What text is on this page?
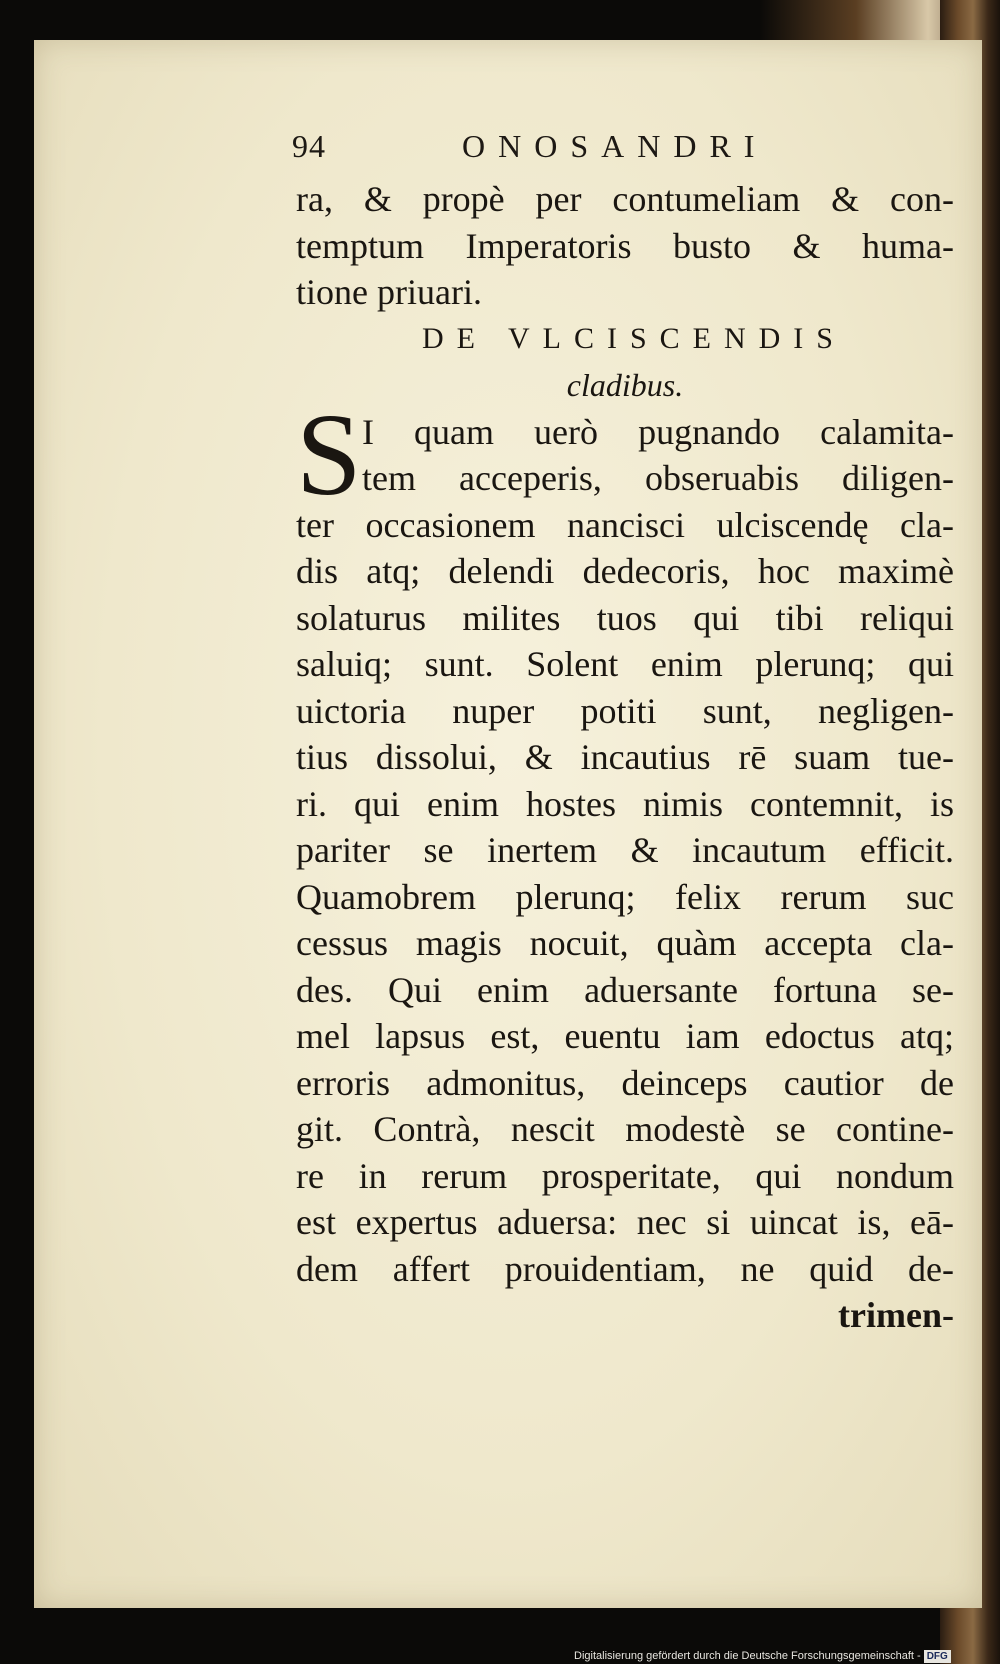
94	ONOSANDRI
ra, & propè per contumeliam & con-
temptum Imperatoris busto & huma-
tione priuari.
DE VLCISCENDIS
cladibus.
S I quam uerò pugnando calamita-
tem acceperis, obseruabis diligen-
ter occasionem nancisci ulciscendę cla-
dis atq; delendi dedecoris, hoc maximè
solaturus milites tuos qui tibi reliqui
saluiq; sunt. Solent enim plerunq; qui
uictoria nuper potiti sunt, negligen-
tius dissolui, & incautius rē suam tue-
ri. qui enim hostes nimis contemnit, is
pariter se inertem & incautum efficit.
Quamobrem plerunq; felix rerum suc
cessus magis nocuit, quàm accepta cla-
des. Qui enim aduersante fortuna se-
mel lapsus est, euentu iam edoctus atq;
erroris admonitus, deinceps cautior de
git. Contrà, nescit modestè se contine-
re in rerum prosperitate, qui nondum
est expertus aduersa: nec si uincat is, eā-
dem affert prouidentiam, ne quid de-
trimen-
Digitalisierung gefördert durch die Deutsche Forschungsgemeinschaft - DFG
